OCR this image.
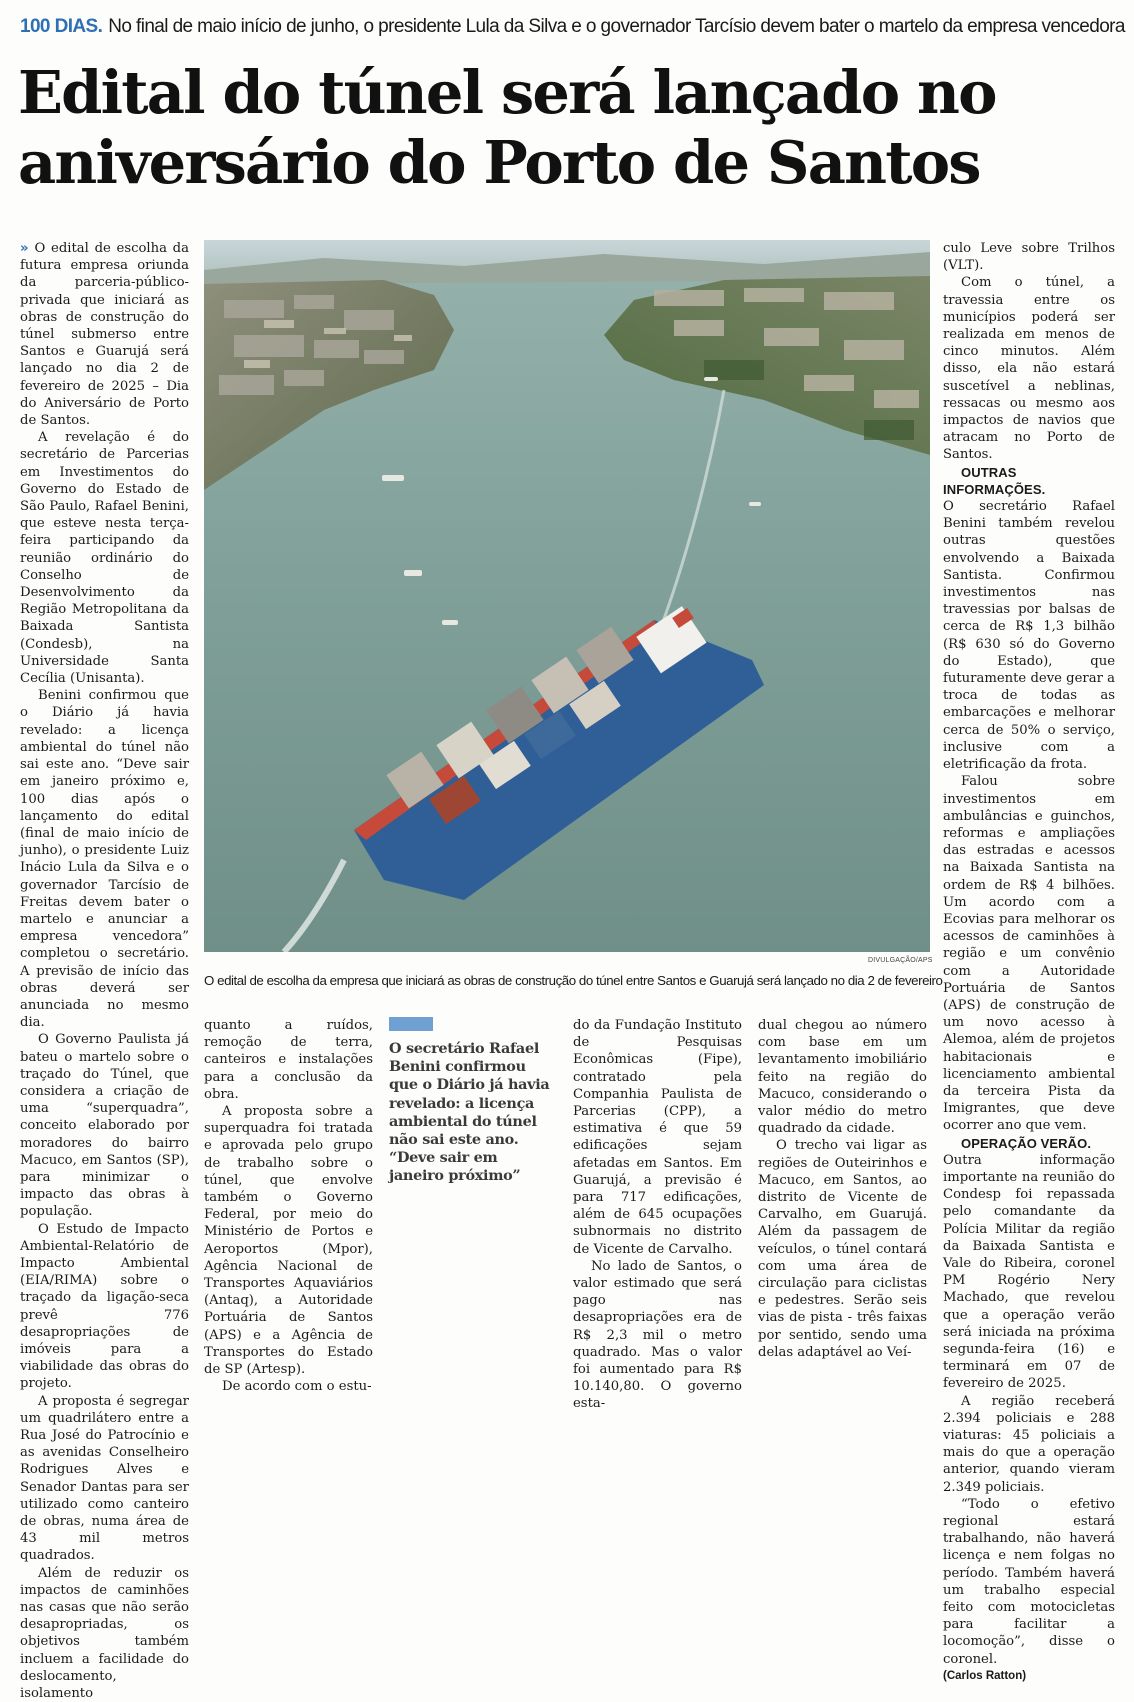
100 DIAS. No final de maio início de junho, o presidente Lula da Silva e o governador Tarcísio devem bater o martelo da empresa vencedora
Edital do túnel será lançado no
aniversário do Porto de Santos

» O edital de escolha da futura empresa oriunda da parceria-público-privada que iniciará as obras de construção do túnel submerso entre Santos e Guarujá será lançado no dia 2 de fevereiro de 2025 – Dia do Aniversário de Porto de Santos.

A revelação é do secretário de Parcerias em Investimentos do Governo do Estado de São Paulo, Rafael Benini, que esteve nesta terça-feira participando da reunião ordinário do Conselho de Desenvolvimento da Região Metropolitana da Baixada Santista (Condesb), na Universidade Santa Cecília (Unisanta).

Benini confirmou que o Diário já havia revelado: a licença ambiental do túnel não sai este ano. “Deve sair em janeiro próximo e, 100 dias após o lançamento do edital (final de maio início de junho), o presidente Luiz Inácio Lula da Silva e o governador Tarcísio de Freitas devem bater o martelo e anunciar a empresa vencedora” completou o secretário. A previsão de início das obras deverá ser anunciada no mesmo dia.

O Governo Paulista já bateu o martelo sobre o traçado do Túnel, que considera a criação de uma “superquadra”, conceito elaborado por moradores do bairro Macuco, em Santos (SP), para minimizar o impacto das obras à população.

O Estudo de Impacto Ambiental-Relatório de Impacto Ambiental (EIA/RIMA) sobre o traçado da ligação-seca prevê 776 desapropriações de imóveis para a viabilidade das obras do projeto.

A proposta é segregar um quadrilátero entre a Rua José do Patrocínio e as avenidas Conselheiro Rodrigues Alves e Senador Dantas para ser utilizado como canteiro de obras, numa área de 43 mil metros quadrados.

Além de reduzir os impactos de caminhões nas casas que não serão desapropriadas, os objetivos também incluem a facilidade do deslocamento, isolamento

DIVULGAÇÃO/APS
O edital de escolha da empresa que iniciará as obras de construção do túnel entre Santos e Guarujá será lançado no dia 2 de fevereiro

quanto a ruídos, remoção de terra, canteiros e instalações para a conclusão da obra.

A proposta sobre a superquadra foi tratada e aprovada pelo grupo de trabalho sobre o túnel, que envolve também o Governo Federal, por meio do Ministério de Portos e Aeroportos (Mpor), Agência Nacional de Transportes Aquaviários (Antaq), a Autoridade Portuária de Santos (APS) e a Agência de Transportes do Estado de SP (Artesp).

De acordo com o estu-

O secretário Rafael Benini confirmou que o Diário já havia revelado: a licença ambiental do túnel não sai este ano. “Deve sair em janeiro próximo”

do da Fundação Instituto de Pesquisas Econômicas (Fipe), contratado pela Companhia Paulista de Parcerias (CPP), a estimativa é que 59 edificações sejam afetadas em Santos. Em Guarujá, a previsão é para 717 edificações, além de 645 ocupações subnormais no distrito de Vicente de Carvalho.

No lado de Santos, o valor estimado que será pago nas desapropriações era de R$ 2,3 mil o metro quadrado. Mas o valor foi aumentado para R$ 10.140,80. O governo esta-

dual chegou ao número com base em um levantamento imobiliário feito na região do Macuco, considerando o valor médio do metro quadrado da cidade.

O trecho vai ligar as regiões de Outeirinhos e Macuco, em Santos, ao distrito de Vicente de Carvalho, em Guarujá. Além da passagem de veículos, o túnel contará com uma área de circulação para ciclistas e pedestres. Serão seis vias de pista - três faixas por sentido, sendo uma delas adaptável ao Veí-

culo Leve sobre Trilhos (VLT).

Com o túnel, a travessia entre os municípios poderá ser realizada em menos de cinco minutos. Além disso, ela não estará suscetível a neblinas, ressacas ou mesmo aos impactos de navios que atracam no Porto de Santos.

OUTRAS INFORMAÇÕES.

O secretário Rafael Benini também revelou outras questões envolvendo a Baixada Santista. Confirmou investimentos nas travessias por balsas de cerca de R$ 1,3 bilhão (R$ 630 só do Governo do Estado), que futuramente deve gerar a troca de todas as embarcações e melhorar cerca de 50% o serviço, inclusive com a eletrificação da frota.

Falou sobre investimentos em ambulâncias e guinchos, reformas e ampliações das estradas e acessos na Baixada Santista na ordem de R$ 4 bilhões. Um acordo com a Ecovias para melhorar os acessos de caminhões à região e um convênio com a Autoridade Portuária de Santos (APS) de construção de um novo acesso à Alemoa, além de projetos habitacionais e licenciamento ambiental da terceira Pista da Imigrantes, que deve ocorrer ano que vem.

OPERAÇÃO VERÃO.

Outra informação importante na reunião do Condesp foi repassada pelo comandante da Polícia Militar da região da Baixada Santista e Vale do Ribeira, coronel PM Rogério Nery Machado, que revelou que a operação verão será iniciada na próxima segunda-feira (16) e terminará em 07 de fevereiro de 2025.

A região receberá 2.394 policiais e 288 viaturas: 45 policiais a mais do que a operação anterior, quando vieram 2.349 policiais.

“Todo o efetivo regional estará trabalhando, não haverá licença e nem folgas no período. Também haverá um trabalho especial feito com motocicletas para facilitar a locomoção”, disse o coronel.

(Carlos Ratton)
